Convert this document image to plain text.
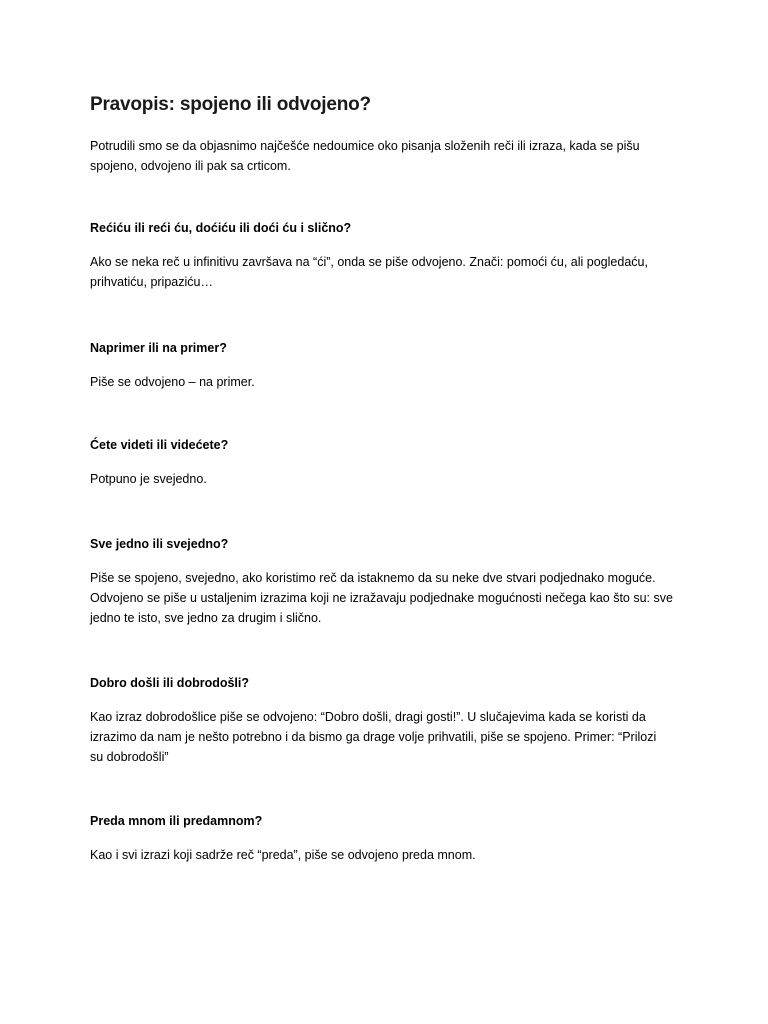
Pravopis: spojeno ili odvojeno?

Potrudili smo se da objasnimo najčešće nedoumice oko pisanja složenih reči ili izraza, kada se pišu
spojeno, odvojeno ili pak sa crticom.

Rećiću ili reći ću, doćiću ili doći ću i slično?

Ako se neka reč u infinitivu završava na “ći”, onda se piše odvojeno. Znači: pomoći ću, ali pogledaću,
prihvatiću, pripaziću…

Naprimer ili na primer?

Piše se odvojeno – na primer.

Ćete videti ili videćete?

Potpuno je svejedno.

Sve jedno ili svejedno?

Piše se spojeno, svejedno, ako koristimo reč da istaknemo da su neke dve stvari podjednako moguće.
Odvojeno se piše u ustaljenim izrazima koji ne izražavaju podjednake mogućnosti nečega kao što su: sve
jedno te isto, sve jedno za drugim i slično.

Dobro došli ili dobrodošli?

Kao izraz dobrodošlice piše se odvojeno: “Dobro došli, dragi gosti!”. U slučajevima kada se koristi da
izrazimo da nam je nešto potrebno i da bismo ga drage volje prihvatili, piše se spojeno. Primer: “Prilozi
su dobrodošli”

Preda mnom ili predamnom?

Kao i svi izrazi koji sadrže reč “preda”, piše se odvojeno preda mnom.
